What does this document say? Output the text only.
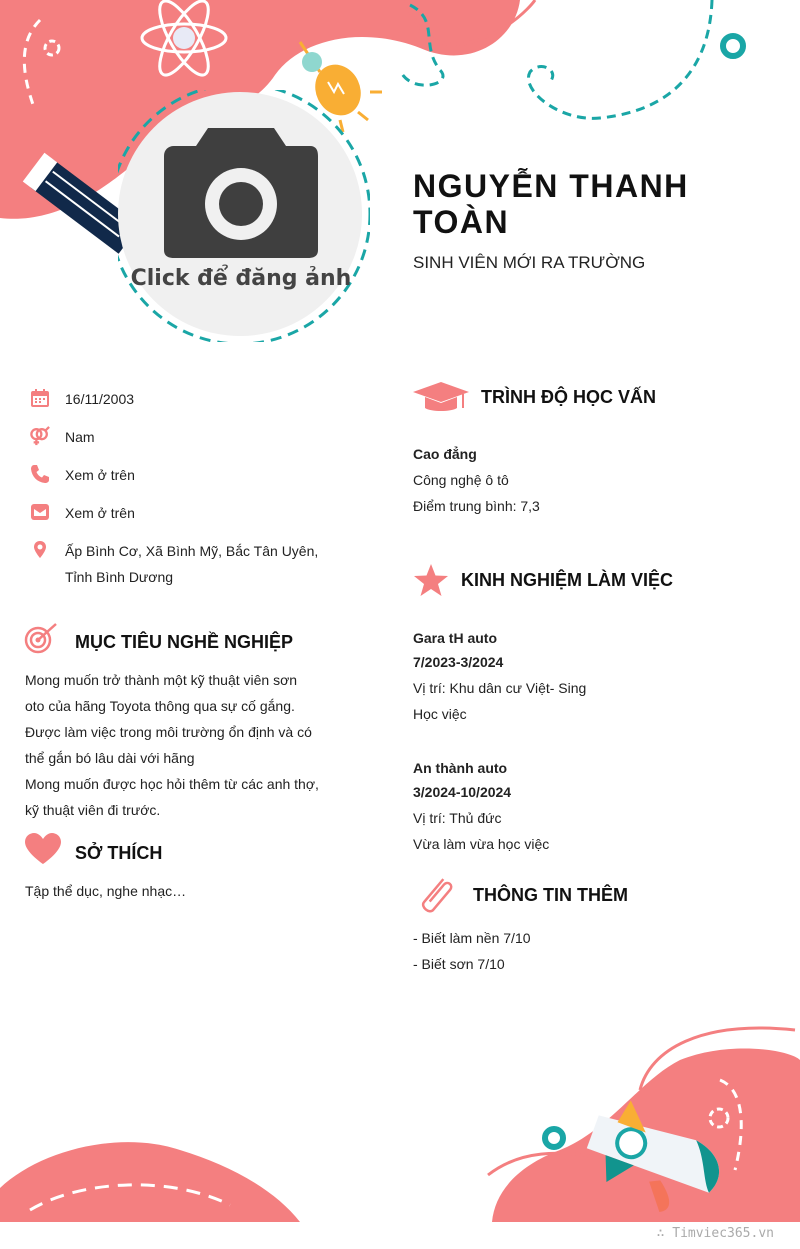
Click để đăng ảnh
NGUYỄN THANH TOÀN
SINH VIÊN MỚI RA TRƯỜNG
16/11/2003
Nam
Xem ở trên
Xem ở trên
Ấp Bình Cơ, Xã Bình Mỹ, Bắc Tân Uyên,
Tỉnh Bình Dương
MỤC TIÊU NGHỀ NGHIỆP
Mong muốn trở thành một kỹ thuật viên sơn
oto của hãng Toyota thông qua sự cố gắng.
Được làm việc trong môi trường ổn định và có
thể gắn bó lâu dài với hãng
Mong muốn được học hỏi thêm từ các anh thợ,
kỹ thuật viên đi trước.
SỞ THÍCH
Tập thể dục, nghe nhạc…
TRÌNH ĐỘ HỌC VẤN
Cao đẳng
Công nghệ ô tô
Điểm trung bình: 7,3
KINH NGHIỆM LÀM VIỆC
Gara tH auto
7/2023-3/2024
Vị trí: Khu dân cư Việt- Sing
Học việc
An thành auto
3/2024-10/2024
Vị trí: Thủ đức
Vừa làm vừa học việc
THÔNG TIN THÊM
- Biết làm nền 7/10
- Biết sơn 7/10
∴ Timviec365.vn
